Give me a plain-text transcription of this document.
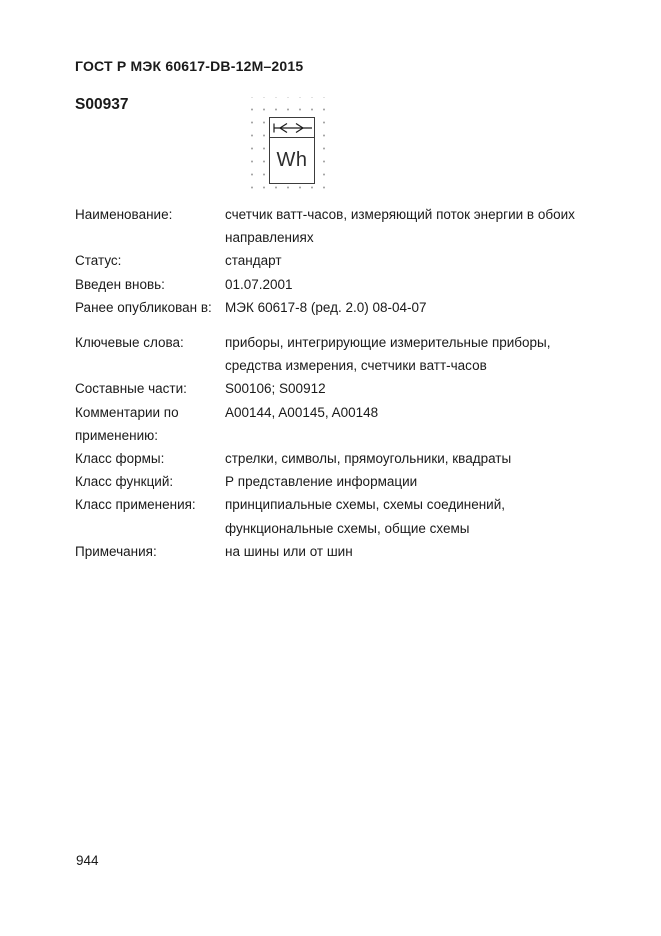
ГОСТ Р МЭК 60617-DB-12M–2015
S00937
Wh
Наименование:	счетчик ватт-часов, измеряющий поток энергии в обоих направлениях
Статус:	стандарт
Введен вновь:	01.07.2001
Ранее опубликован в: МЭК 60617-8 (ред. 2.0) 08-04-07
Ключевые слова:	приборы, интегрирующие измерительные приборы, средства измерения, счетчики ватт-часов
Составные части:	S00106; S00912
Комментарии по применению:
A00144, A00145, A00148
Класс формы:	стрелки, символы, прямоугольники, квадраты
Класс функций:	Р представление информации
Класс применения:	принципиальные схемы, схемы соединений, функциональные схемы, общие схемы
Примечания:	на шины или от шин
944
